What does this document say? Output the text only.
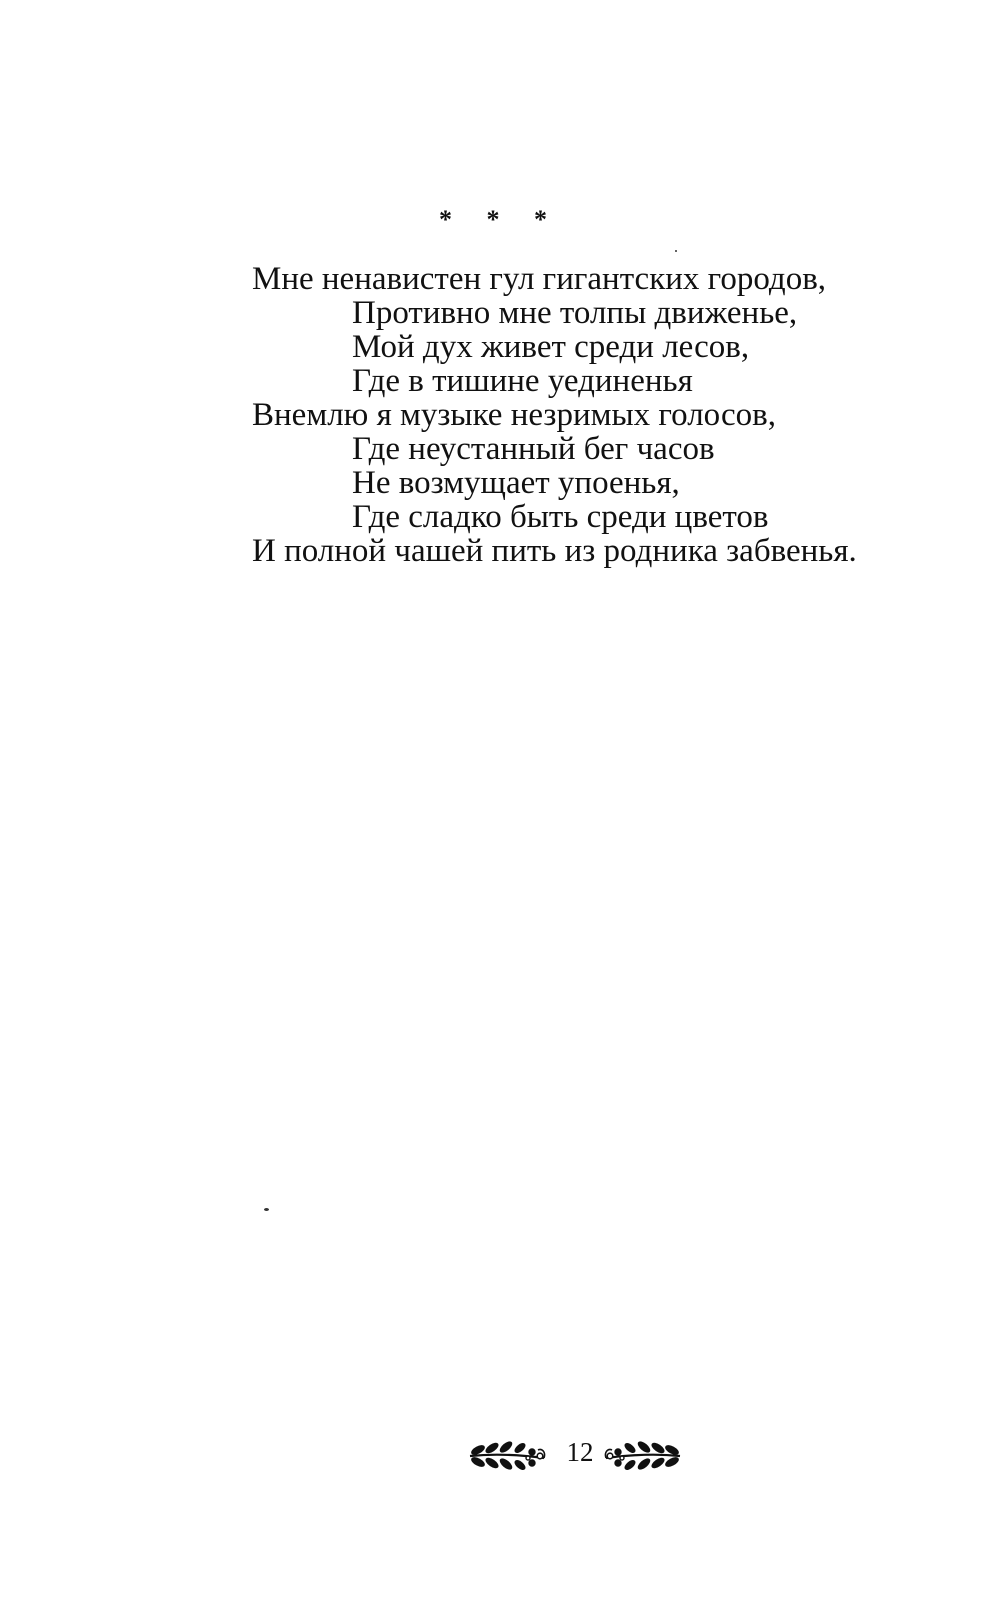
* * *
Мне ненавистен гул гигантских городов,
Противно мне толпы движенье,
Мой дух живет среди лесов,
Где в тишине уединенья
Внемлю я музыке незримых голосов,
Где неустанный бег часов
Не возмущает упоенья,
Где сладко быть среди цветов
И полной чашей пить из родника забвенья.
12
